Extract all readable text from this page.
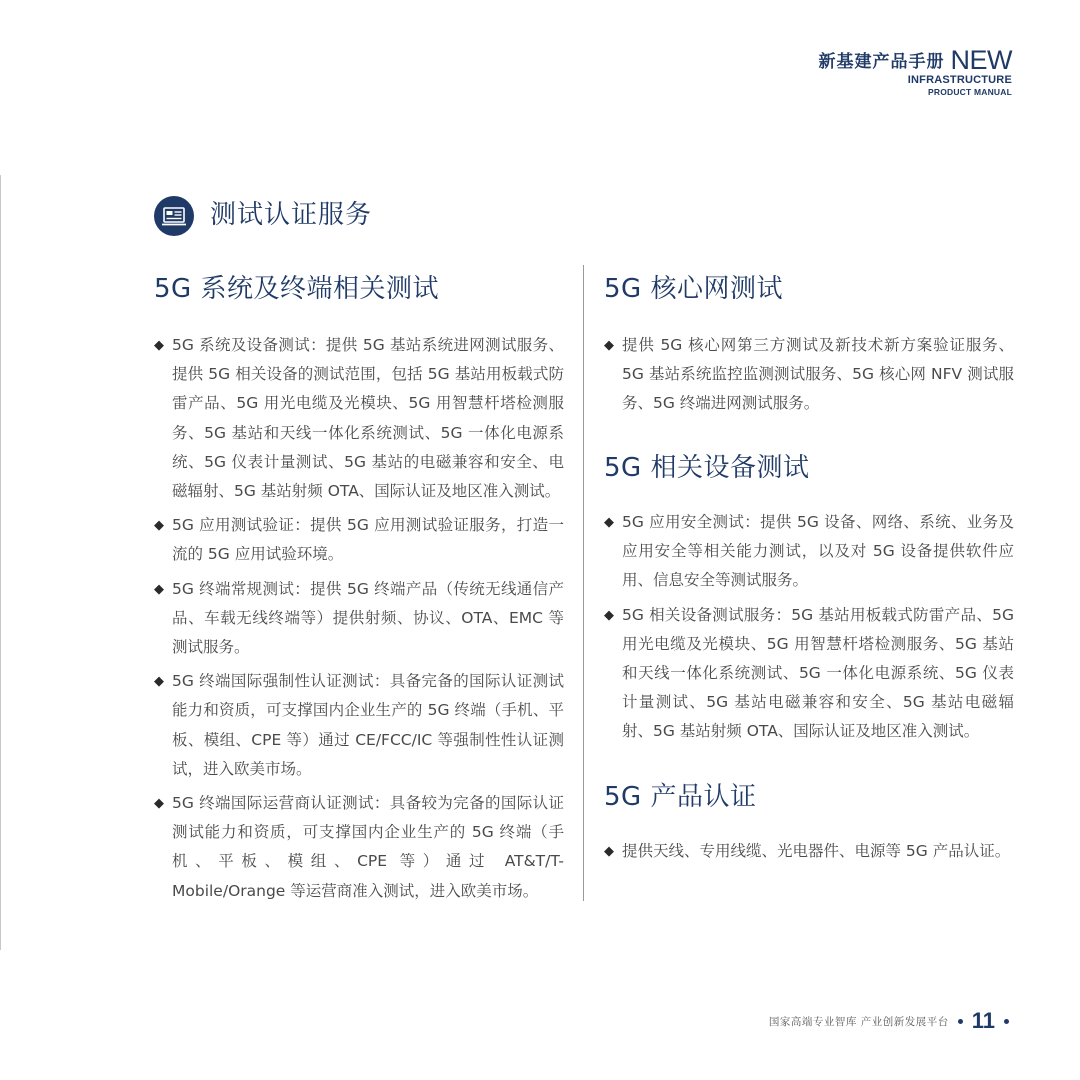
新基建产品手册 NEW
INFRASTRUCTURE
PRODUCT MANUAL
测试认证服务
5G 系统及终端相关测试
◆ 5G 系统及设备测试：提供 5G 基站系统进网测试服务、提供 5G 相关设备的测试范围，包括 5G 基站用板载式防雷产品、5G 用光电缆及光模块、5G 用智慧杆塔检测服务、5G 基站和天线一体化系统测试、5G 一体化电源系统、5G 仪表计量测试、5G 基站的电磁兼容和安全、电磁辐射、5G 基站射频 OTA、国际认证及地区准入测试。
◆ 5G 应用测试验证：提供 5G 应用测试验证服务，打造一流的 5G 应用试验环境。
◆ 5G 终端常规测试：提供 5G 终端产品（传统无线通信产品、车载无线终端等）提供射频、协议、OTA、EMC 等测试服务。
◆ 5G 终端国际强制性认证测试：具备完备的国际认证测试能力和资质，可支撑国内企业生产的 5G 终端（手机、平板、模组、CPE 等）通过 CE/FCC/IC 等强制性性认证测试，进入欧美市场。
◆ 5G 终端国际运营商认证测试：具备较为完备的国际认证测试能力和资质，可支撑国内企业生产的 5G 终端（手机、平板、模组、CPE 等）通过 AT&T/T-Mobile/Orange 等运营商准入测试，进入欧美市场。
5G 核心网测试
◆ 提供 5G 核心网第三方测试及新技术新方案验证服务、5G 基站系统监控监测测试服务、5G 核心网 NFV 测试服务、5G 终端进网测试服务。
5G 相关设备测试
◆ 5G 应用安全测试：提供 5G 设备、网络、系统、业务及应用安全等相关能力测试，以及对 5G 设备提供软件应用、信息安全等测试服务。
◆ 5G 相关设备测试服务：5G 基站用板载式防雷产品、5G 用光电缆及光模块、5G 用智慧杆塔检测服务、5G 基站和天线一体化系统测试、5G 一体化电源系统、5G 仪表计量测试、5G 基站电磁兼容和安全、5G 基站电磁辐射、5G 基站射频 OTA、国际认证及地区准入测试。
5G 产品认证
◆ 提供天线、专用线缆、光电器件、电源等 5G 产品认证。
国家高端专业智库 产业创新发展平台 11
